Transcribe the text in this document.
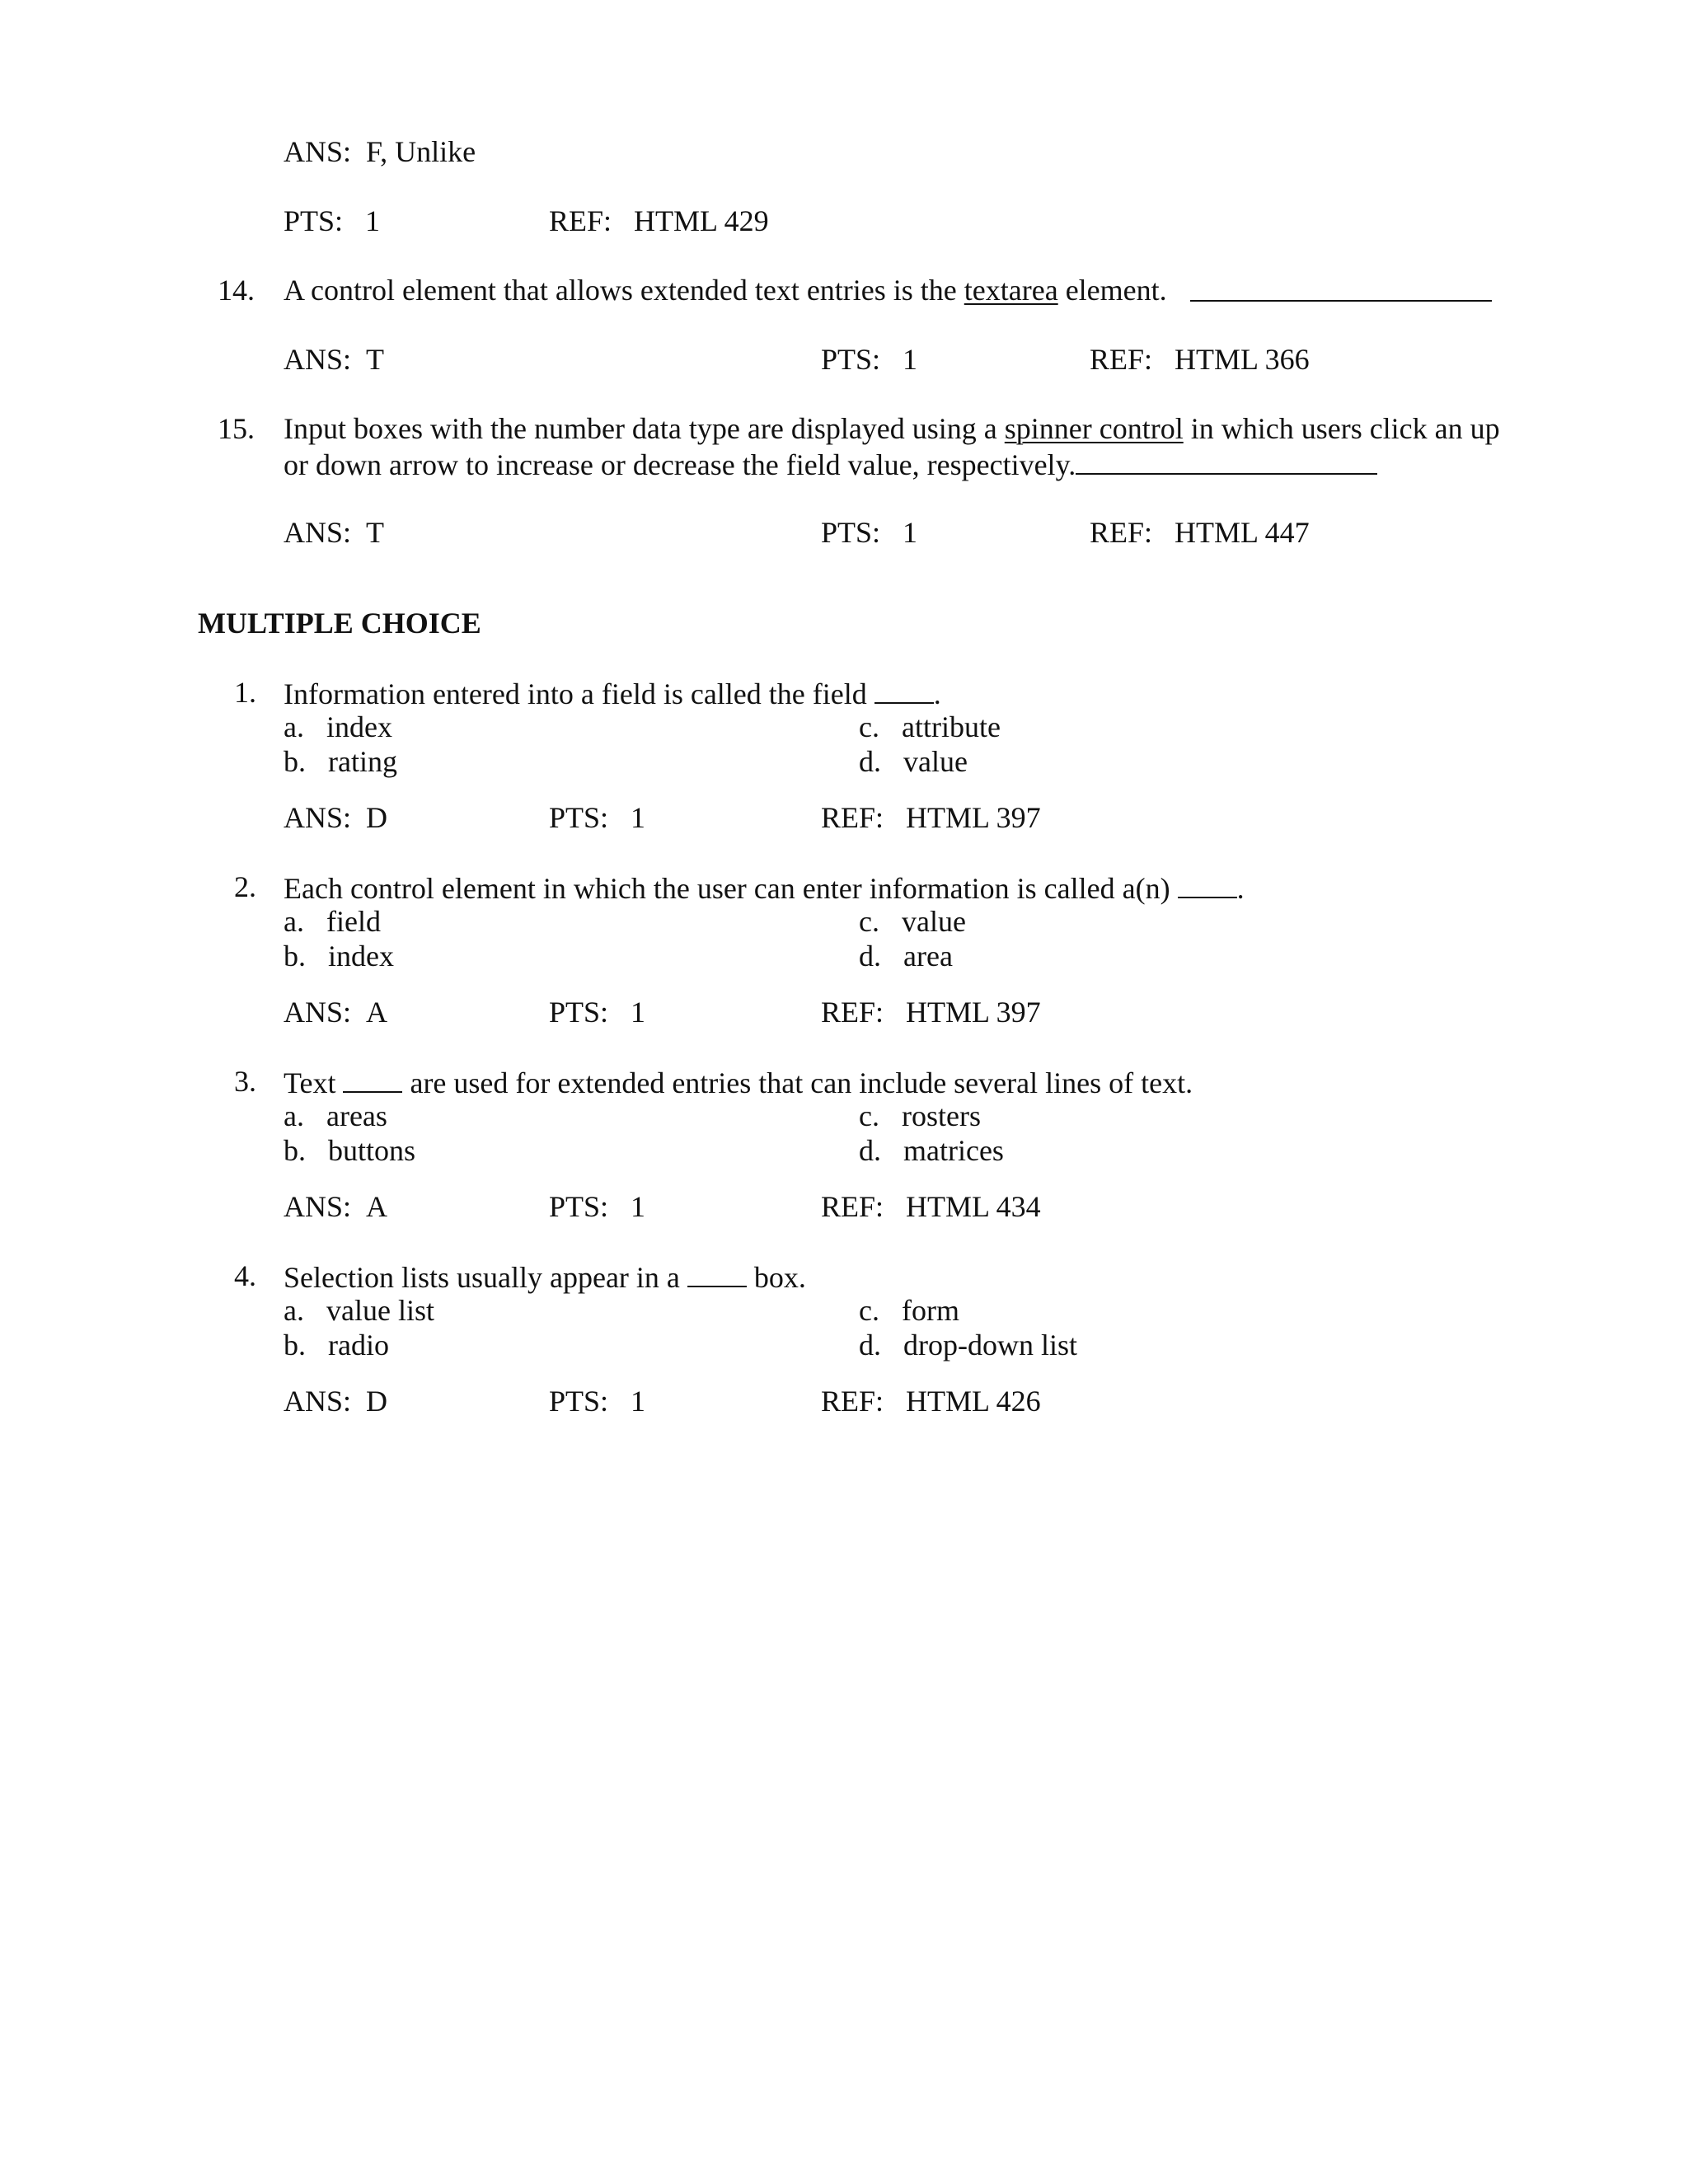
ANS: F, Unlike
PTS: 1	REF: HTML 429
14. A control element that allows extended text entries is the textarea element.
ANS: T	PTS: 1	REF: HTML 366
15. Input boxes with the number data type are displayed using a spinner control in which users click an up
or down arrow to increase or decrease the field value, respectively.
ANS: T	PTS: 1	REF: HTML 447
MULTIPLE CHOICE
1. Information entered into a field is called the field .
a. index
b. rating
c. attribute
d. value
ANS: D	PTS: 1	REF: HTML 397
2. Each control element in which the user can enter information is called a(n) .
a. field
b. index
c. value
d. area
ANS: A	PTS: 1	REF: HTML 397
3. Text	are used for extended entries that can include several lines of text.
a. areas
b. buttons
c. rosters
d. matrices
ANS: A	PTS: 1	REF: HTML 434
4. Selection lists usually appear in a	box.
a. value list
b. radio
c. form
d. drop-down list
ANS: D	PTS: 1	REF: HTML 426
